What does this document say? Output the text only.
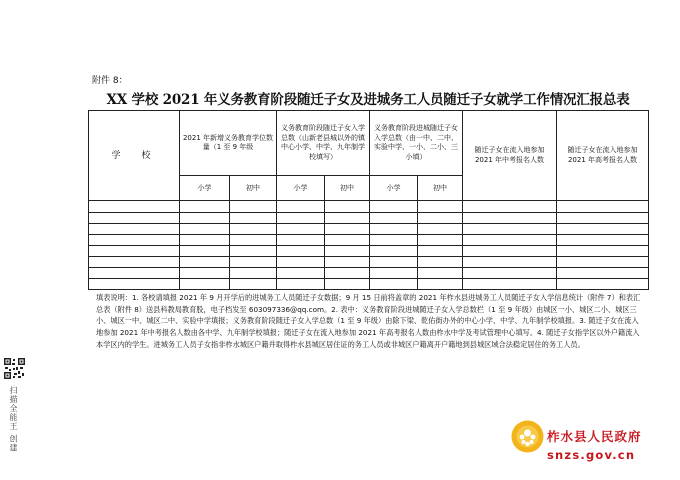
附件 8：
XX 学校 2021 年义务教育阶段随迁子女及进城务工人员随迁子女就学工作情况汇报总表
学　校	2021 年新增义务教育学位数量（1 至 9 年级		义务教育阶段随迁子女入学总数（山新老县城以外的镇中心小学、中学、九年制学校填写）		义务教育阶段进城随迁子女入学总数（由一中、二中、实验中学、一小、二小、三小填）		随迁子女在流入地参加 2021 年中考报名人数	随迁子女在流入地参加 2021 年高考报名人数
	小学	初中	小学	初中	小学	初中		

填表说明：1. 各校请填报 2021 年 9 月开学后的进城务工人员随迁子女数据；9 月 15 日前将盖章的 2021 年柞水县进城务工人员随迁子女入学信息统计（附件 7）和表汇总表（附件 8）送县科教局教育股，电子档发至 603097336@qq.com。2. 表中：义务教育阶段进城随迁子女入学总数栏（1 至 9 年级）由城区一小、城区二小、城区三小、城区一中、城区二中、实验中学填报；义务教育阶段随迁子女入学总数（1 至 9 年级）由除下梁、乾佑街办外的中心小学、中学、九年制学校填报。3. 随迁子女在流入地参加 2021 年中考报名人数由各中学、九年制学校填报；随迁子女在流入地参加 2021 年高考报名人数由柞水中学及考试管理中心填写。4. 随迁子女指学区以外户籍流入本学区内的学生。进城务工人员子女指非柞水城区户籍并取得柞水县城区居住证的务工人员或非城区户籍离开户籍地到县城区域合法稳定居住的务工人员。
扫描全能王 创建	柞水县人民政府
snzs.gov.cn
